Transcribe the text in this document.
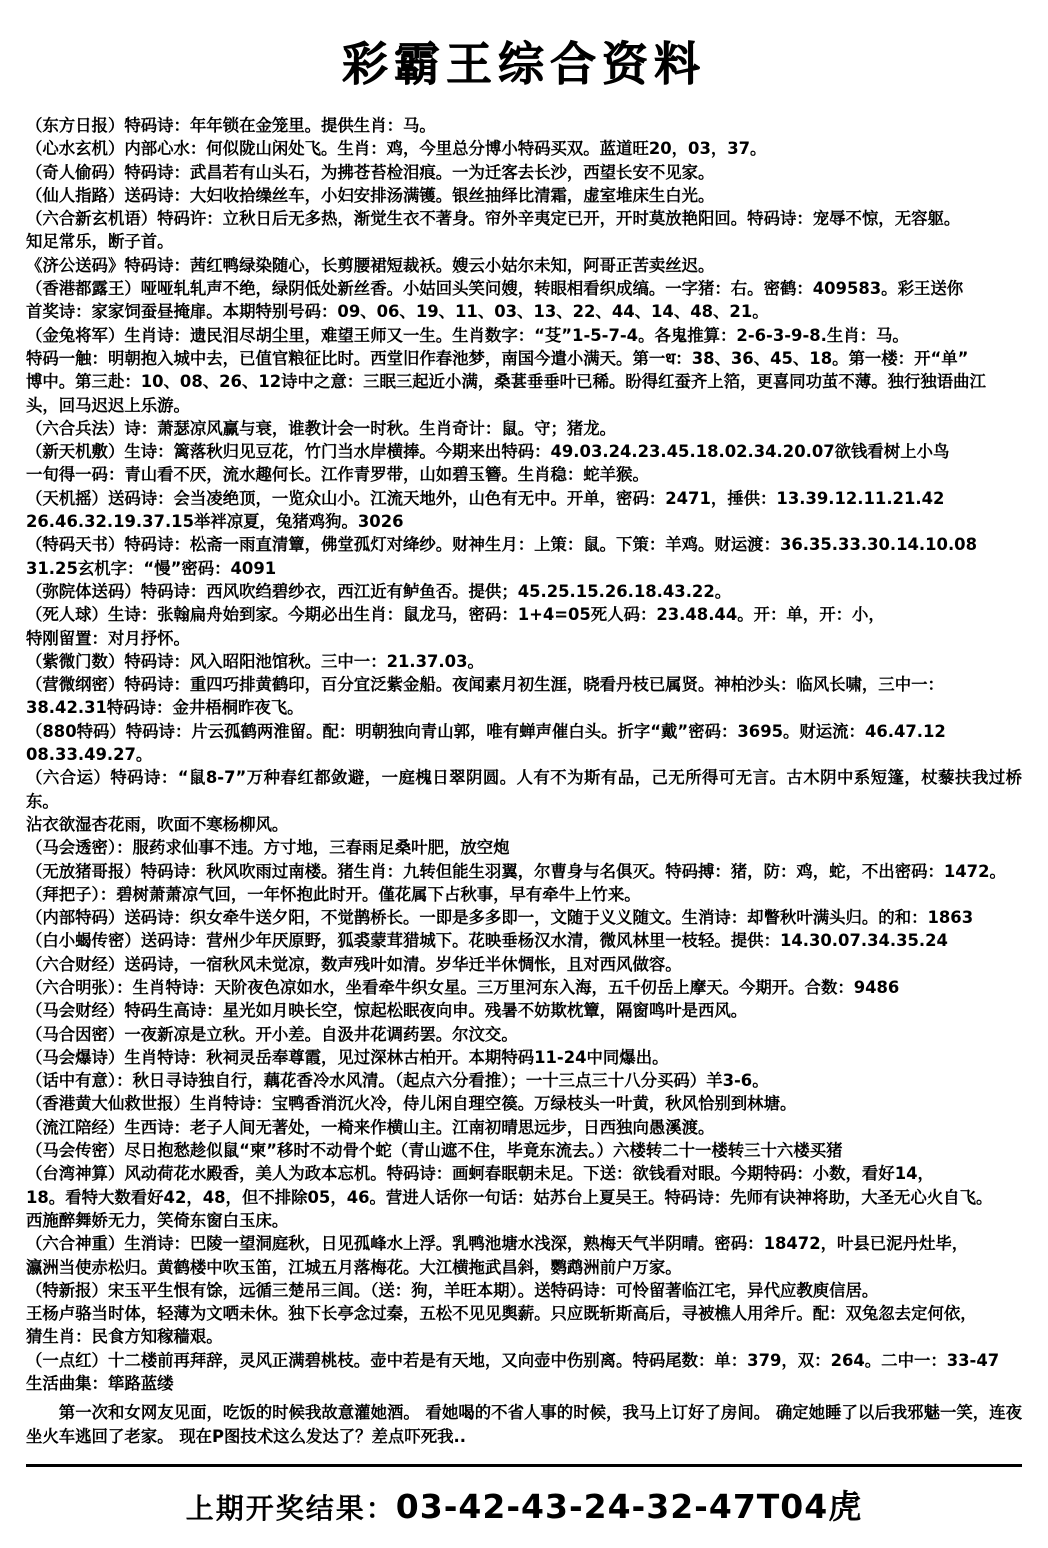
彩霸王综合资料

（东方日报）特码诗：年年锁在金笼里。提供生肖：马。

（心水玄机）内部心水：何似陇山闲处飞。生肖：鸡，今里总分博小特码买双。蓝道旺20，03，37。

（奇人偷码）特码诗：武昌若有山头石，为拂苍苔检泪痕。一为迁客去长沙，西望长安不见家。

（仙人指路）送码诗：大妇收拾缲丝车，小妇安排汤满镬。银丝抽绎比清霜，虚室堆床生白光。

（六合新玄机语）特码许：立秋日后无多热，渐觉生衣不著身。帘外辛夷定已开，开时莫放艳阳回。特码诗：宠辱不惊，无容躯。

知足常乐，断子首。

《济公送码》特码诗：茜红鸭绿染随心，长剪腰裙短裁袄。嫂云小姑尔未知，阿哥正苦卖丝迟。

（香港都露王）哑哑轧轧声不绝，绿阴低处新丝香。小姑回头笑问嫂，转眼相看织成缟。一字猪：右。密鹤：409583。彩王送你

首奖诗：家家饲蚕昼掩扉。本期特别号码：09、06、19、11、03、13、22、44、14、48、21。

（金兔将军）生肖诗：遗民泪尽胡尘里，难望王师又一生。生肖数字：“芟”1-5-7-4。各鬼推算：2-6-3-9-8.生肖：马。

特码一触：明朝抱入城中去，已值官粮征比时。西堂旧作春池梦，南国今遣小满天。第一ध：38、36、45、18。第一楼：开“单”

博中。第三赴：10、08、26、12诗中之意：三眠三起近小满，桑葚垂垂叶已稀。盼得红蚕齐上箔，更喜同功茧不薄。独行独语曲江

头，回马迟迟上乐游。

（六合兵法）诗：萧瑟凉风赢与衰，谁教计会一时秋。生肖奇计：鼠。守；猪龙。

（新天机敷）生诗：篱落秋归见豆花，竹门当水岸横捧。今期来出特码：49.03.24.23.45.18.02.34.20.07欲钱看树上小鸟

一旬得一码：青山看不厌，流水趣何长。江作青罗带，山如碧玉簪。生肖稳：蛇羊猴。

（天机摇）送码诗：会当凌绝顶，一览众山小。江流天地外，山色有无中。开单，密码：2471，捶供：13.39.12.11.21.42

26.46.32.19.37.15举袢凉夏，兔猪鸡狗。3026

（特码天书）特码诗：松斋一雨直清簟，佛堂孤灯对绛纱。财神生月：上策：鼠。下策：羊鸡。财运渡：36.35.33.30.14.10.08

31.25玄机字：“慢”密码：4091

（弥院体送码）特码诗：西风吹绉碧纱衣，西江近有鲈鱼否。提供；45.25.15.26.18.43.22。

（死人球）生诗：张翰扁舟始到家。今期必出生肖：鼠龙马，密码：1+4=05死人码：23.48.44。开：单，开：小，

特刚留置：对月抒怀。

（紫微门数）特码诗：风入昭阳池馆秋。三中一：21.37.03。

（营微纲密）特码诗：重四巧排黄鹤印，百分宜泛紫金船。夜闻素月初生涯，晓看丹枝已属贤。神柏沙头：临风长啸，三中一：

38.42.31特码诗：金井梧桐昨夜飞。

（880特码）特码诗：片云孤鹤两淮留。配：明朝独向青山郭，唯有蝉声催白头。折字“戴”密码：3695。财运流：46.47.12

08.33.49.27。

（六合运）特码诗：“鼠8-7”万种春红都敛避，一庭槐日翠阴圆。人有不为斯有品，己无所得可无言。古木阴中系短篷，杖藜扶我过桥东。

沾衣欲湿杏花雨，吹面不寒杨柳风。

（马会透密）：服药求仙事不违。方寸地，三春雨足桑叶肥，放空炮

（无放猪哥报）特码诗：秋风吹雨过南楼。猪生肖：九转但能生羽翼，尔曹身与名俱灭。特码搏：猪，防：鸡，蛇，不出密码：1472。

（拜把子）：碧树萧萧凉气回，一年怀抱此时开。僅花属下占秋事，早有牵牛上竹来。

（内部特码）送码诗：织女牵牛送夕阳，不觉鹊桥长。一即是多多即一，文随于义义随文。生消诗：却瞥秋叶满头归。的和：1863

（白小蝎传密）送码诗：营州少年厌原野，狐裘蒙茸猎城下。花映垂杨汉水清，微风林里一枝轻。提供：14.30.07.34.35.24

（六合财经）送码诗，一宿秋风未觉凉，数声残叶如清。岁华迁半休惆怅，且对西风做容。

（六合明张）：生肖特诗：天阶夜色凉如水，坐看牵牛织女星。三万里河东入海，五千仞岳上摩天。今期开。合数：9486

（马会财经）特码生高诗：星光如月映长空，惊起松眠夜向申。残暑不妨欺枕簟，隔窗鸣叶是西风。

（马合因密）一夜新凉是立秋。开小差。自汲井花调药罢。尔汶交。

（马会爆诗）生肖特诗：秋祠灵岳奉尊霞，见过深林古柏开。本期特码11-24中同爆出。

（话中有意）：秋日寻诗独自行，藕花香冷水风清。（起点六分看推）；一十三点三十八分买码）羊3-6。

（香港黄大仙救世报）生肖特诗：宝鸭香消沉火冷，侍儿闲自理空篌。万绿枝头一叶黄，秋风恰别到林塘。

（流江陪经）生西诗：老子人间无著处，一椅来作横山主。江南初晴思远步，日西独向愚溪渡。

（马会传密）尽日抱愁趁似鼠“柬”移时不动骨个蛇（青山遮不住，毕竟东流去。）六楼转二十一楼转三十六楼买猪

（台湾神算）风动荷花水殿香，美人为政本忘机。特码诗：画蚵春眠朝未足。下送：欲钱看对眼。今期特码：小数，看好14，

18。看特大数看好42，48，但不排除05，46。营进人话你一句话：姑苏台上夏吴王。特码诗：先师有诀神将助，大圣无心火自飞。

西施醉舞娇无力，笑倚东窗白玉床。

（六合神重）生消诗：巴陵一望洞庭秋，日见孤峰水上浮。乳鸭池塘水浅深，熟梅天气半阴晴。密码：18472，叶县已泥丹灶毕，

瀛洲当使赤松归。黄鹤楼中吹玉笛，江城五月落梅花。大江横拖武昌斜，鹦鹉洲前户万家。

（特新报）宋玉平生恨有馀，远循三楚吊三闾。（送：狗，羊旺本期）。送特码诗：可怜留著临江宅，异代应教庾信居。

王杨卢骆当时体，轻薄为文哂未休。独下长亭念过秦，五松不见见舆薪。只应既斩斯高后，寻被樵人用斧斤。配：双兔忽去定何依，

猜生肖：民食方知稼穑艰。

（一点红）十二楼前再拜辞，灵风正满碧桃枝。壶中若是有天地，又向壶中伤别离。特码尾数：单：379，双：264。二中一：33-47

生活曲集：筚路蓝缕

第一次和女网友见面，吃饭的时候我故意灌她酒。 看她喝的不省人事的时候，我马上订好了房间。 确定她睡了以后我邪魅一笑，连夜坐火车逃回了老家。 现在P图技术这么发达了？差点吓死我..

上期开奖结果：03-42-43-24-32-47T04虎
